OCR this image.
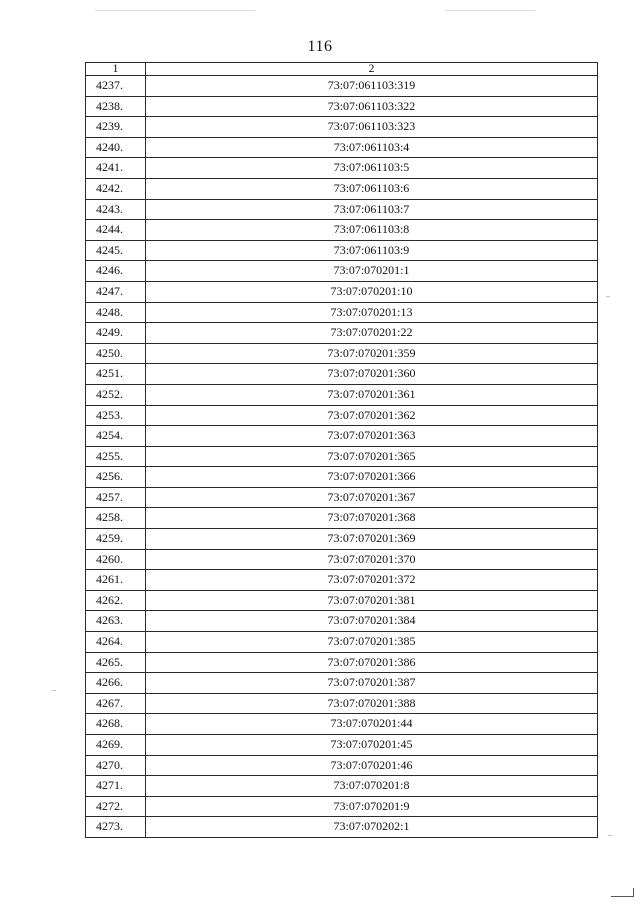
116
1	2
4237.	73:07:061103:319
4238.	73:07:061103:322
4239.	73:07:061103:323
4240.	73:07:061103:4
4241.	73:07:061103:5
4242.	73:07:061103:6
4243.	73:07:061103:7
4244.	73:07:061103:8
4245.	73:07:061103:9
4246.	73:07:070201:1
4247.	73:07:070201:10
4248.	73:07:070201:13
4249.	73:07:070201:22
4250.	73:07:070201:359
4251.	73:07:070201:360
4252.	73:07:070201:361
4253.	73:07:070201:362
4254.	73:07:070201:363
4255.	73:07:070201:365
4256.	73:07:070201:366
4257.	73:07:070201:367
4258.	73:07:070201:368
4259.	73:07:070201:369
4260.	73:07:070201:370
4261.	73:07:070201:372
4262.	73:07:070201:381
4263.	73:07:070201:384
4264.	73:07:070201:385
4265.	73:07:070201:386
4266.	73:07:070201:387
4267.	73:07:070201:388
4268.	73:07:070201:44
4269.	73:07:070201:45
4270.	73:07:070201:46
4271.	73:07:070201:8
4272.	73:07:070201:9
4273.	73:07:070202:1
